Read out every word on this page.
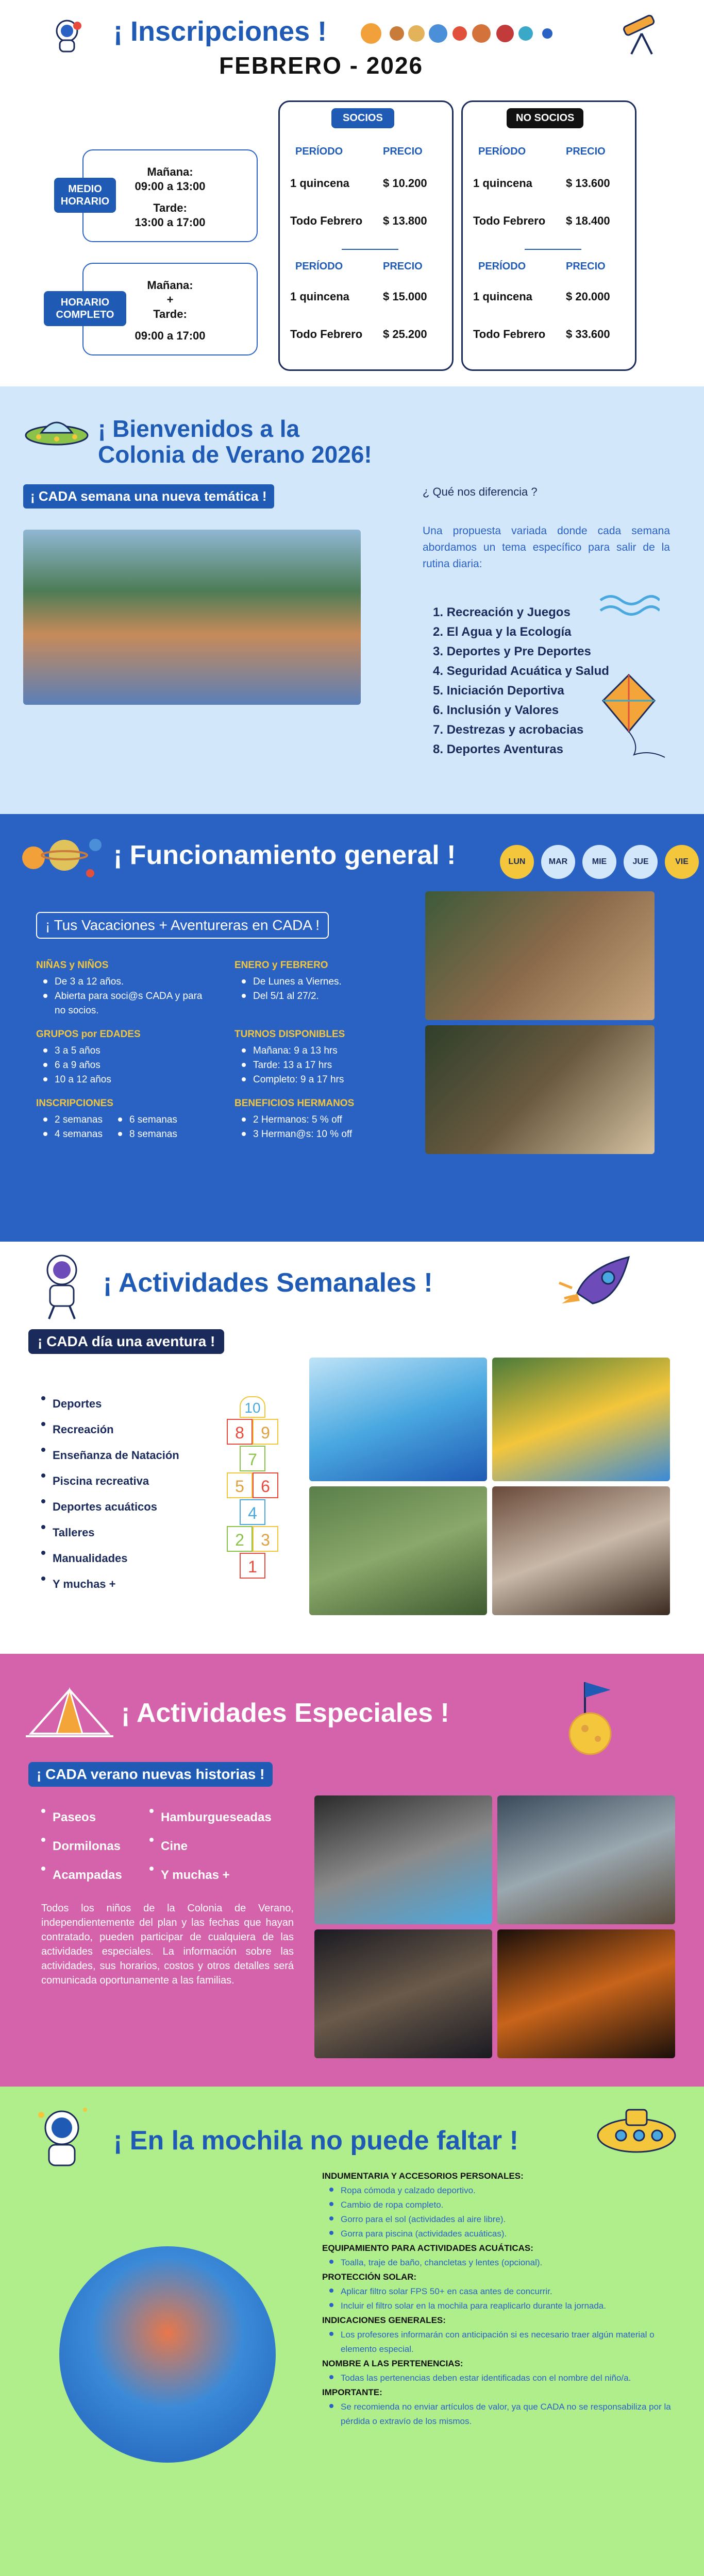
¡ Inscripciones !
FEBRERO - 2026
Mañana:
09:00 a 13:00
Tarde:
13:00 a 17:00
MEDIO HORARIO
Mañana:
+
Tarde:
09:00 a 17:00
HORARIO COMPLETO
SOCIOS
PERÍODO	PRECIO
1 quincena	$ 10.200
Todo Febrero $ 13.800
PERÍODO	PRECIO
1 quincena	$ 15.000
Todo Febrero $ 25.200
NO SOCIOS
PERÍODO	PRECIO
1 quincena	$ 13.600
Todo Febrero $ 18.400
PERÍODO	PRECIO
1 quincena	$ 20.000
Todo Febrero $ 33.600
¡ Bienvenidos a la
Colonia de Verano 2026!
¡ CADA semana una nueva temática !	¿ Qué nos diferencia ?
Una propuesta variada donde cada semana abordamos un tema específico para salir de la rutina diaria:
1. Recreación y Juegos
2. El Agua y la Ecología
3. Deportes y Pre Deportes
4. Seguridad Acuática y Salud
5. Iniciación Deportiva
6. Inclusión y Valores
7. Destrezas y acrobacias
8. Deportes Aventuras
¡ Funcionamiento general !	LUN	MAR	MIE	JUE	VIE
¡ Tus Vacaciones + Aventureras en CADA !
NIÑAS y NIÑOS
De 3 a 12 años.
Abierta para soci@s CADA y para no socios.
GRUPOS por EDADES
3 a 5 años
6 a 9 años
10 a 12 años
INSCRIPCIONES
2 semanas
4 semanas
6 semanas
8 semanas
ENERO y FEBRERO
De Lunes a Viernes.
Del 5/1 al 27/2.
TURNOS DISPONIBLES
Mañana: 9 a 13 hrs
Tarde: 13 a 17 hrs
Completo: 9 a 17 hrs
BENEFICIOS HERMANOS
2 Hermanos: 5 % off
3 Herman@s: 10 % off
¡ Actividades Semanales !
¡ CADA día una aventura !
Deportes
Recreación
Enseñanza de Natación
Piscina recreativa
Deportes acuáticos
Talleres
Manualidades
Y muchas +
10
8	9
7
5	6
4
2	3
1
¡ Actividades Especiales !
¡ CADA verano nuevas historias !
Paseos
Dormilonas
Acampadas
Hamburgueseadas
Cine
Y muchas +
Todos los niños de la Colonia de Verano, independientemente del plan y las fechas que hayan contratado, pueden participar de cualquiera de las actividades especiales. La información sobre las actividades, sus horarios, costos y otros detalles será comunicada oportunamente a las familias.
¡ En la mochila no puede faltar !
INDUMENTARIA Y ACCESORIOS PERSONALES:
Ropa cómoda y calzado deportivo.
Cambio de ropa completo.
Gorro para el sol (actividades al aire libre).
Gorra para piscina (actividades acuáticas).
EQUIPAMIENTO PARA ACTIVIDADES ACUÁTICAS:
Toalla, traje de baño, chancletas y lentes (opcional).
PROTECCIÓN SOLAR:
Aplicar filtro solar FPS 50+ en casa antes de concurrir.
Incluir el filtro solar en la mochila para reaplicarlo durante la jornada.
INDICACIONES GENERALES:
Los profesores informarán con anticipación si es necesario traer algún material o elemento especial.
NOMBRE A LAS PERTENENCIAS:
Todas las pertenencias deben estar identificadas con el nombre del niño/a.
IMPORTANTE:
Se recomienda no enviar artículos de valor, ya que CADA no se responsabiliza por la pérdida o extravío de los mismos.
